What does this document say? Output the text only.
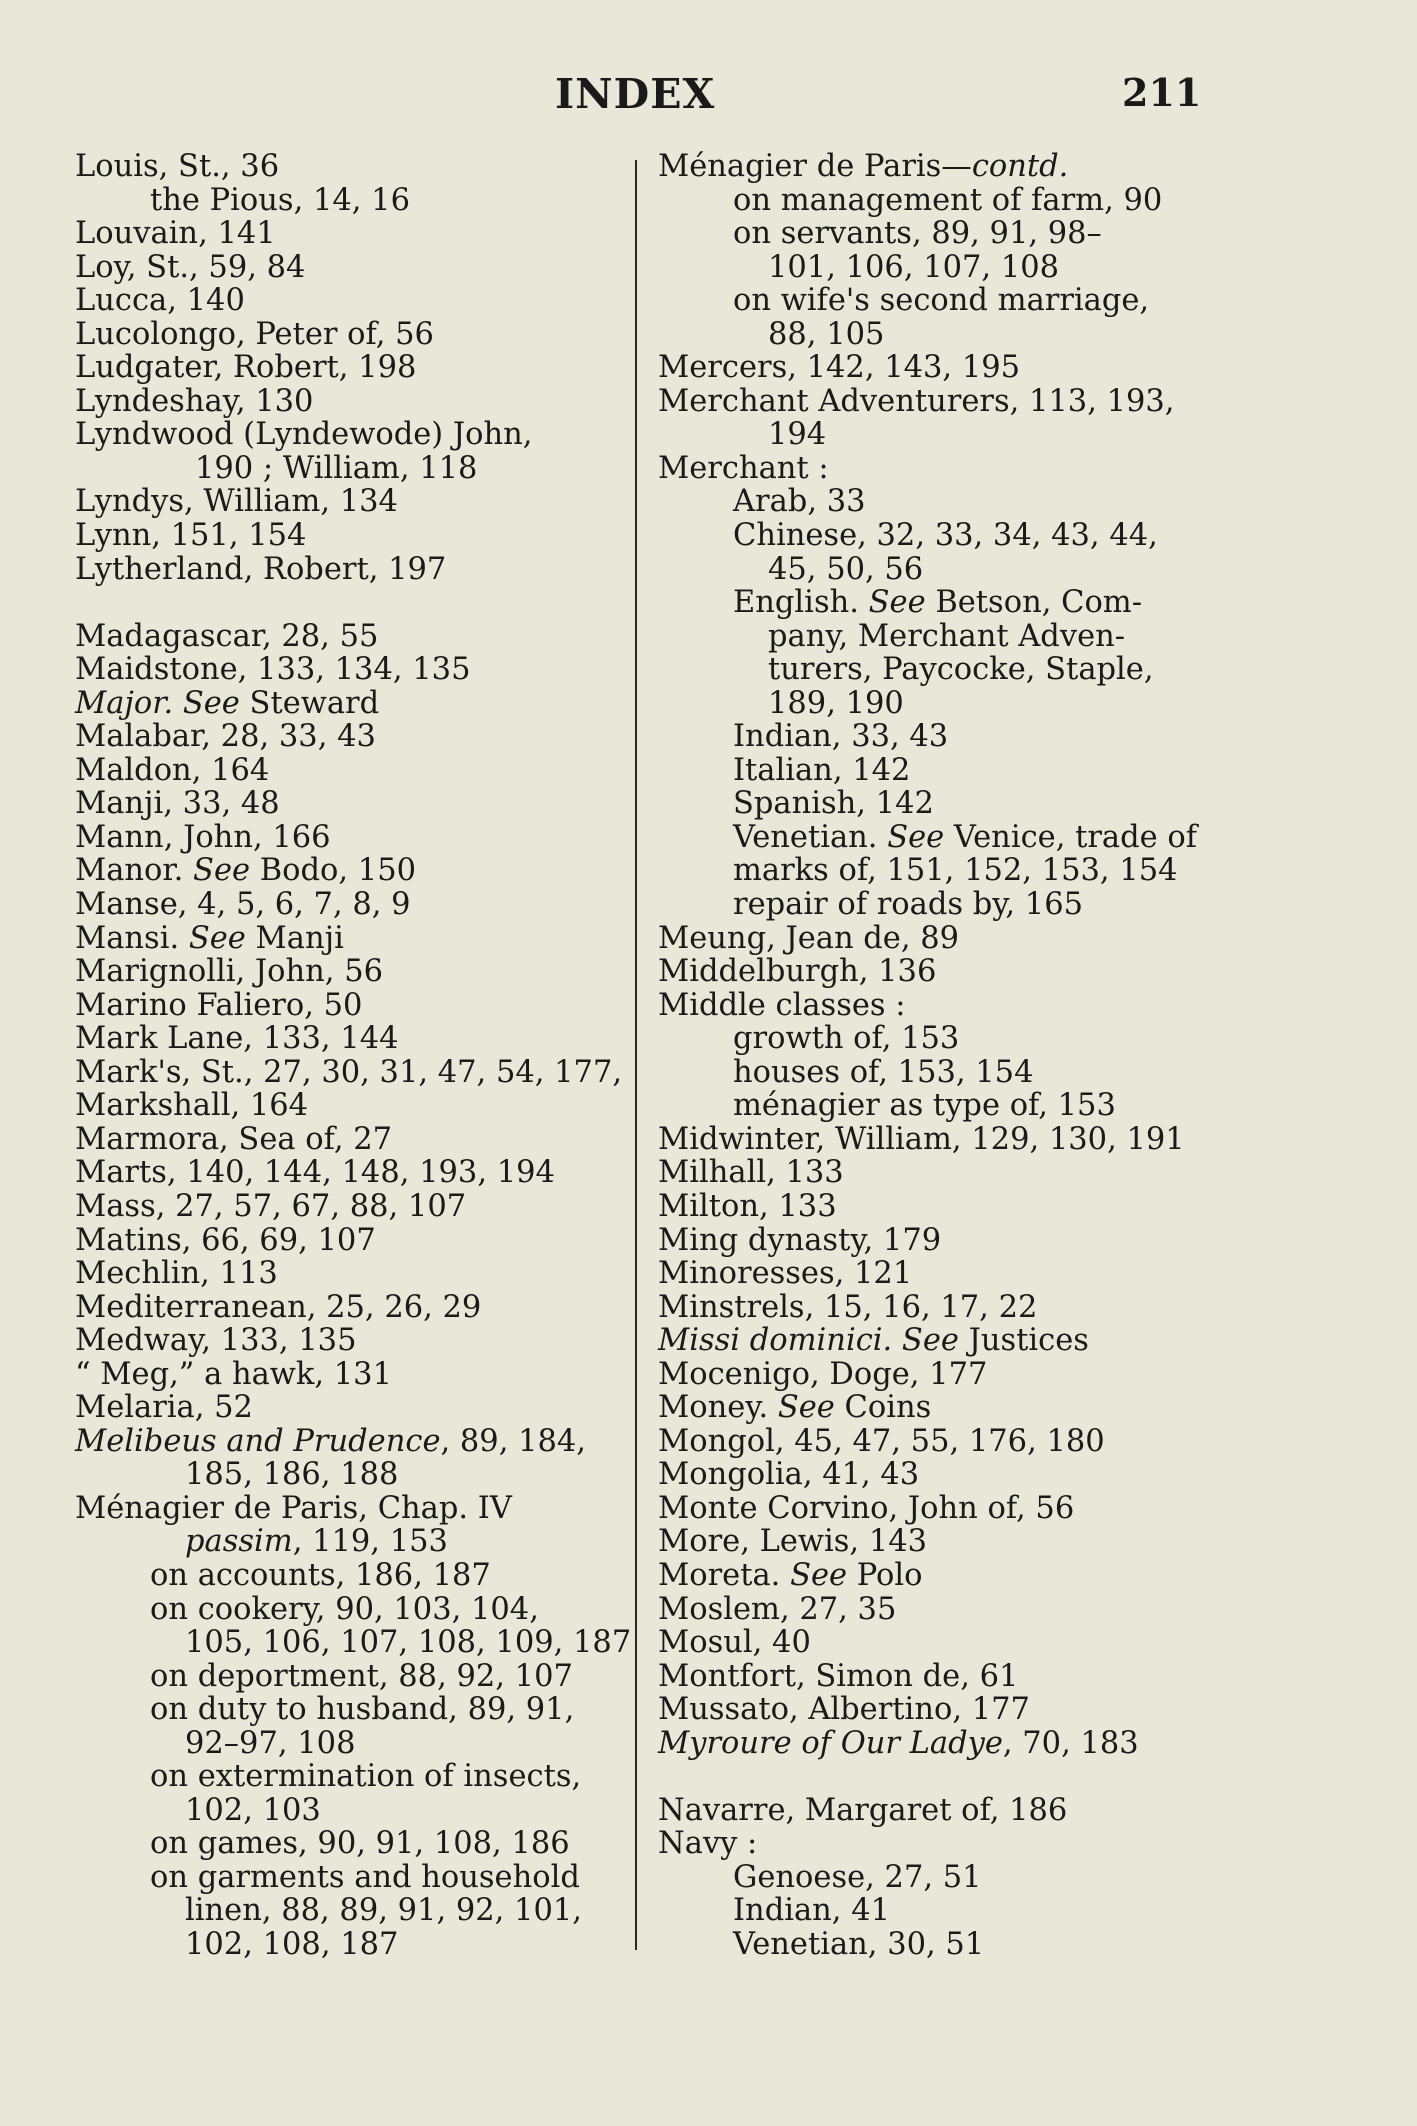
INDEX	211
Louis, St., 36
the Pious, 14, 16
Louvain, 141
Loy, St., 59, 84
Lucca, 140
Lucolongo, Peter of, 56
Ludgater, Robert, 198
Lyndeshay, 130
Lyndwood (Lyndewode) John,
190 ; William, 118
Lyndys, William, 134
Lynn, 151, 154
Lytherland, Robert, 197
Madagascar, 28, 55
Maidstone, 133, 134, 135
Major. See Steward
Malabar, 28, 33, 43
Maldon, 164
Manji, 33, 48
Mann, John, 166
Manor. See Bodo, 150
Manse, 4, 5, 6, 7, 8, 9
Mansi. See Manji
Marignolli, John, 56
Marino Faliero, 50
Mark Lane, 133, 144
Mark's, St., 27, 30, 31, 47, 54, 177,
Markshall, 164
Marmora, Sea of, 27
Marts, 140, 144, 148, 193, 194
Mass, 27, 57, 67, 88, 107
Matins, 66, 69, 107
Mechlin, 113
Mediterranean, 25, 26, 29
Medway, 133, 135
“ Meg,” a hawk, 131
Melaria, 52
Melibeus and Prudence, 89, 184,
185, 186, 188
Ménagier de Paris, Chap. IV
passim, 119, 153
on accounts, 186, 187
on cookery, 90, 103, 104,
105, 106, 107, 108, 109, 187
on deportment, 88, 92, 107
on duty to husband, 89, 91,
92–97, 108
on extermination of insects,
102, 103
on games, 90, 91, 108, 186
on garments and household
linen, 88, 89, 91, 92, 101,
102, 108, 187
Ménagier de Paris—contd.
on management of farm, 90
on servants, 89, 91, 98–
101, 106, 107, 108
on wife's second marriage,
88, 105
Mercers, 142, 143, 195
Merchant Adventurers, 113, 193,
194
Merchant :
Arab, 33
Chinese, 32, 33, 34, 43, 44,
45, 50, 56
English. See Betson, Com-
pany, Merchant Adven-
turers, Paycocke, Staple,
189, 190
Indian, 33, 43
Italian, 142
Spanish, 142
Venetian. See Venice, trade of
marks of, 151, 152, 153, 154
repair of roads by, 165
Meung, Jean de, 89
Middelburgh, 136
Middle classes :
growth of, 153
houses of, 153, 154
ménagier as type of, 153
Midwinter, William, 129, 130, 191
Milhall, 133
Milton, 133
Ming dynasty, 179
Minoresses, 121
Minstrels, 15, 16, 17, 22
Missi dominici. See Justices
Mocenigo, Doge, 177
Money. See Coins
Mongol, 45, 47, 55, 176, 180
Mongolia, 41, 43
Monte Corvino, John of, 56
More, Lewis, 143
Moreta. See Polo
Moslem, 27, 35
Mosul, 40
Montfort, Simon de, 61
Mussato, Albertino, 177
Myroure of Our Ladye, 70, 183
Navarre, Margaret of, 186
Navy :
Genoese, 27, 51
Indian, 41
Venetian, 30, 51
